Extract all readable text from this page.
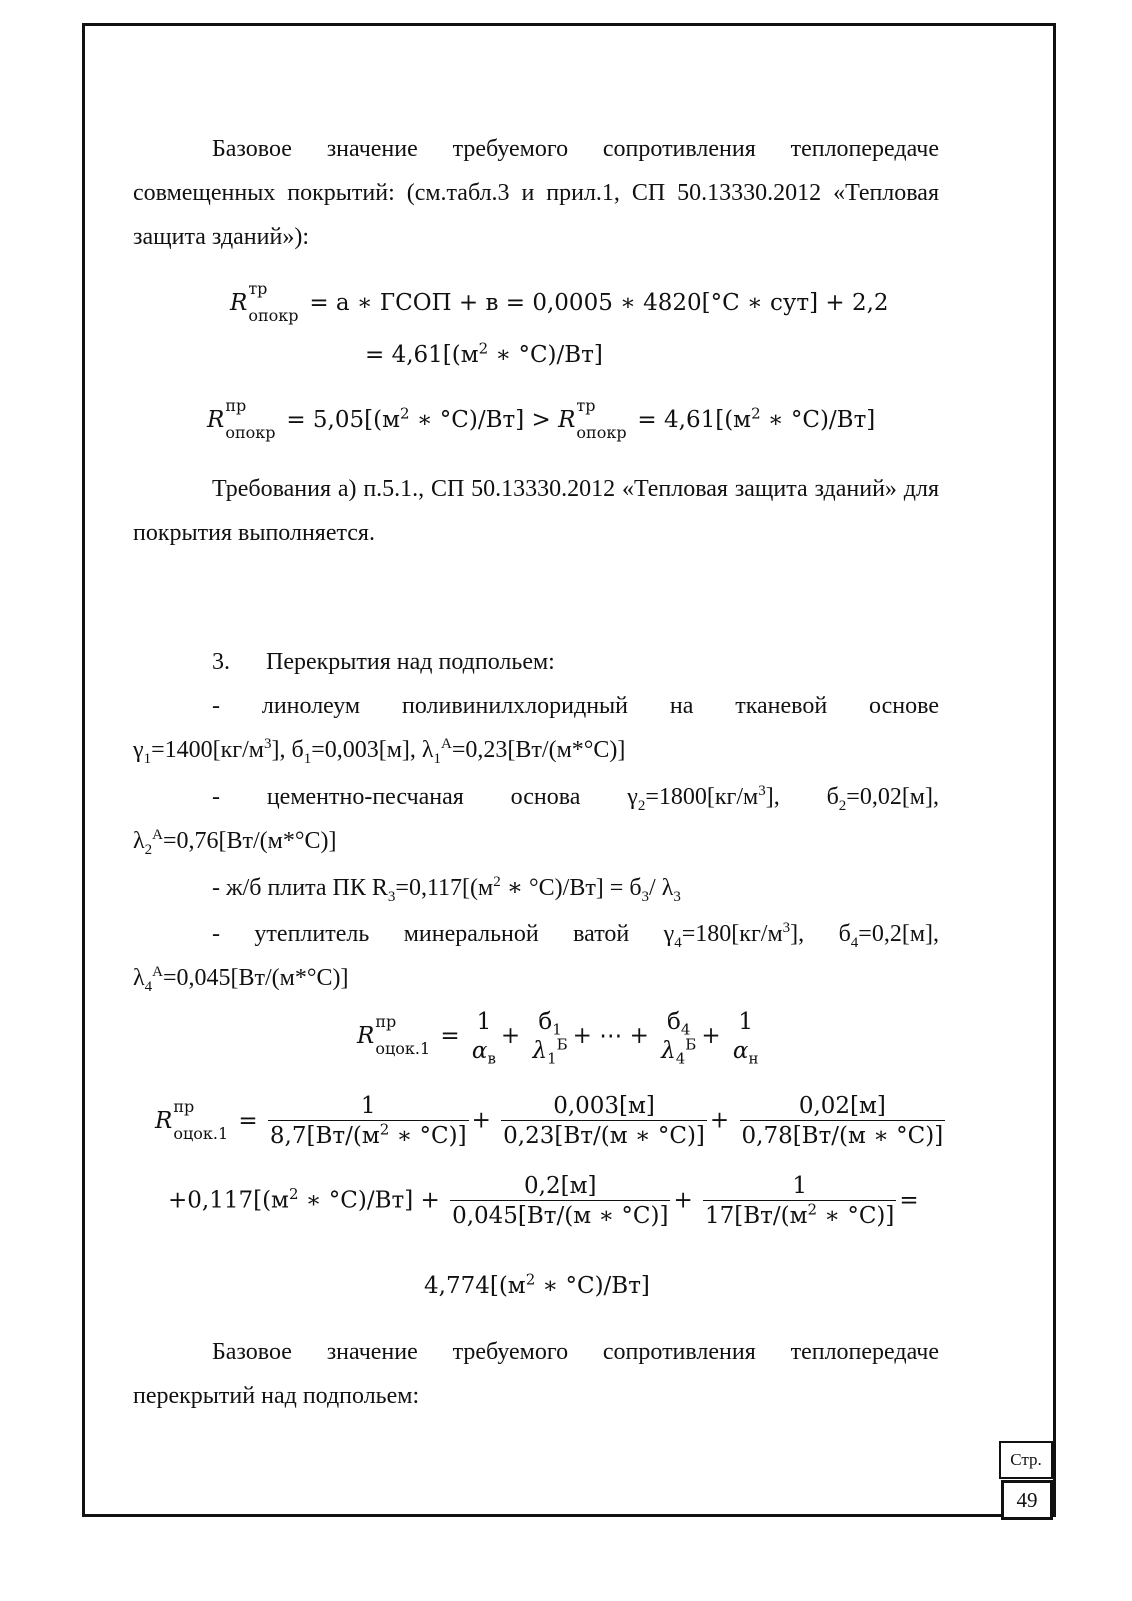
Базовое значение требуемого сопротивления теплопередаче совмещенных покрытий: (см.табл.3 и прил.1, СП 50.13330.2012 «Тепловая защита зданий»):
R
тр
опокр = а ∗ ГСОП + в = 0,0005 ∗ 4820[°С ∗ сут] + 2,2
= $4,61[(м^2$ ∗ °С)/Вт]
R
пр
опокр = $5,05[(м^2$ ∗ °С)/Вт] > R
тр
опокр = $4,61[(м^2$ ∗ °С)/Вт]
Требования а) п.5.1., СП 50.13330.2012 «Тепловая защита зданий» для покрытия выполняется.
3. Перекрытия над подпольем:
- линолеум поливинилхлоридный на тканевой основе
$\gamma_1=1400[кг/м^3]$, $б_1=0,003[м]$, $\lambda_1^А=0,23[Вт/(м*^\circ С)]$
- цементно-песчаная основа $\gamma_2=1800[кг/м^3]$, $б_2=0,02[м]$,
$\lambda_2^А=0,76[Вт/(м*^\circ С)]$
- ж/б плита ПК $R_3=0,117[(м^2$ ∗ $^\circ С)/Вт] = б_3/$ $\lambda_3$
- утеплитель минеральной ватой $\gamma_4=180[кг/м^3]$, $б_4=0,2[м]$,
$\lambda_4^А=0,045[Вт/(м*^\circ С)]$
R
пр
оцок.1 =
1
$\alpha_в$
+
$б_1$
$\lambda_1^Б$ + ⋯ +
$б_4$
$\lambda_4^Б$ +
1
$\alpha_н$
R
пр
оцок.1 = $\frac{1}{8,7[Вт/(м^2 ∗ ^\circ С)]} + \frac{0,003[м]}{0,23[Вт/(м ∗ ^\circ С)]} + \frac{0,02[м]}{0,78[Вт/(м ∗ ^\circ С)]}$
$+0,117[(м^2$ ∗ $^\circ С)/Вт] + \frac{0,2[м]}{0,045[Вт/(м ∗ ^\circ С)]} + \frac{1}{17[Вт/(м^2 ∗ ^\circ С)]}$ =
$4,774[(м^2$ ∗ °С)/Вт]
Базовое значение требуемого сопротивления теплопередаче перекрытий над подпольем:
Стр.
49
